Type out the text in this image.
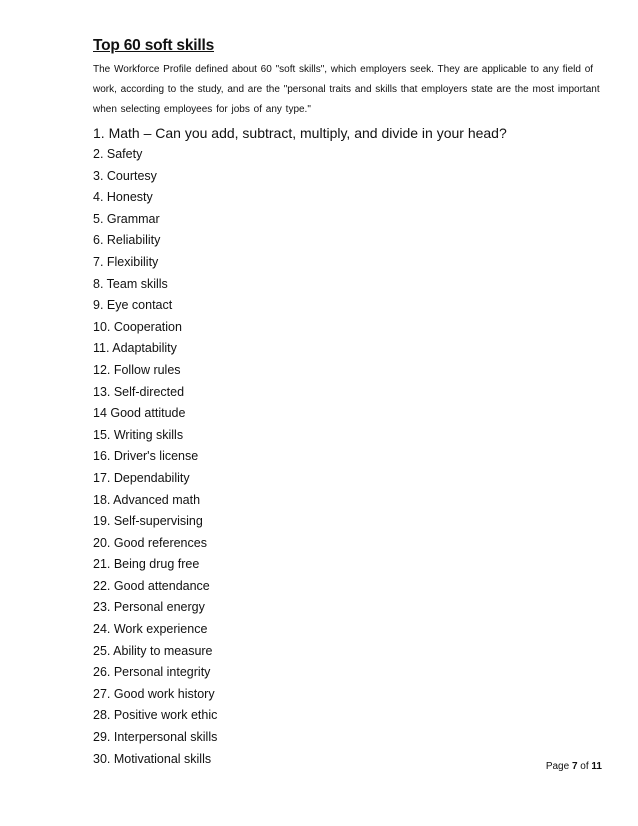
Top 60 soft skills
The Workforce Profile defined about 60 "soft skills", which employers seek. They are applicable to any field of work, according to the study, and are the "personal traits and skills that employers state are the most important when selecting employees for jobs of any type."
1. Math – Can you add, subtract, multiply, and divide in your head?
2. Safety
3. Courtesy
4. Honesty
5. Grammar
6. Reliability
7. Flexibility
8. Team skills
9. Eye contact
10. Cooperation
11. Adaptability
12. Follow rules
13. Self-directed
14 Good attitude
15. Writing skills
16. Driver's license
17. Dependability
18. Advanced math
19. Self-supervising
20. Good references
21. Being drug free
22. Good attendance
23. Personal energy
24. Work experience
25. Ability to measure
26. Personal integrity
27. Good work history
28. Positive work ethic
29. Interpersonal skills
30. Motivational skills
Page 7 of 11
